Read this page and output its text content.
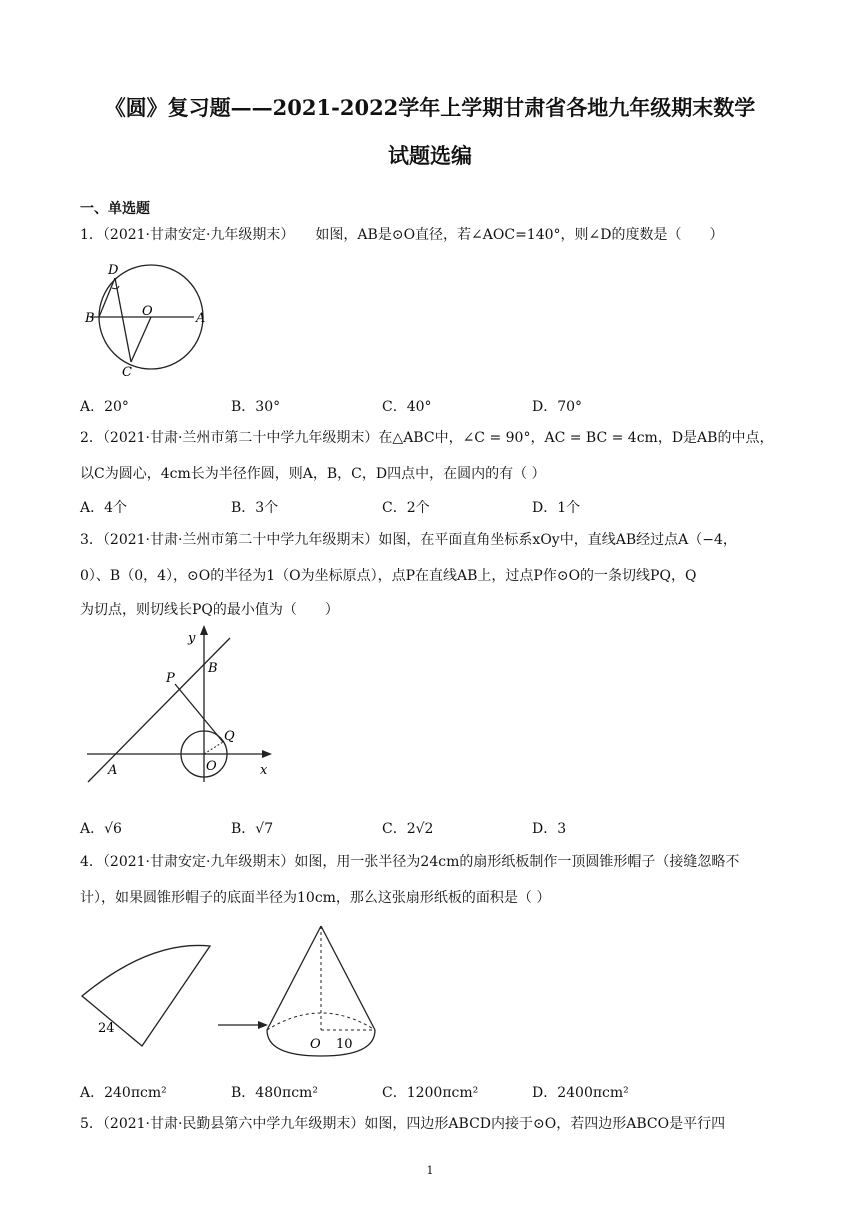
《圆》复习题——2021-2022学年上学期甘肃省各地九年级期末数学
试题选编
一、单选题
1．（2021·甘肃安定·九年级期末）　　如图，AB是⊙O直径，若∠AOC=140°，则∠D的度数是（　　）
D
B	O	A
C
A．20°	B．30°	C．40°	D．70°
2．（2021·甘肃·兰州市第二十中学九年级期末）在△ABC中，∠C = 90°，AC = BC = 4cm，D是AB的中点，
以C为圆心，4cm长为半径作圆，则A，B，C，D四点中，在圆内的有（ ）
A．4个	B．3个	C．2个	D．1个
3．（2021·甘肃·兰州市第二十中学九年级期末）如图，在平面直角坐标系xOy中，直线AB经过点A（−4，
0）、B（0，4），⊙O的半径为1（O为坐标原点），点P在直线AB上，过点P作⊙O的一条切线PQ，Q
为切点，则切线长PQ的最小值为（　　）
y
B
P
Q
A	O	x
A．√6	B．√7	C．2√2	D．3
4．（2021·甘肃安定·九年级期末）如图，用一张半径为24cm的扇形纸板制作一顶圆锥形帽子（接缝忽略不
计），如果圆锥形帽子的底面半径为10cm，那么这张扇形纸板的面积是（ ）
24
O 10
A．240πcm²	B．480πcm²	C．1200πcm²	D．2400πcm²
5．（2021·甘肃·民勤县第六中学九年级期末）如图，四边形ABCD内接于⊙O，若四边形ABCO是平行四
1
